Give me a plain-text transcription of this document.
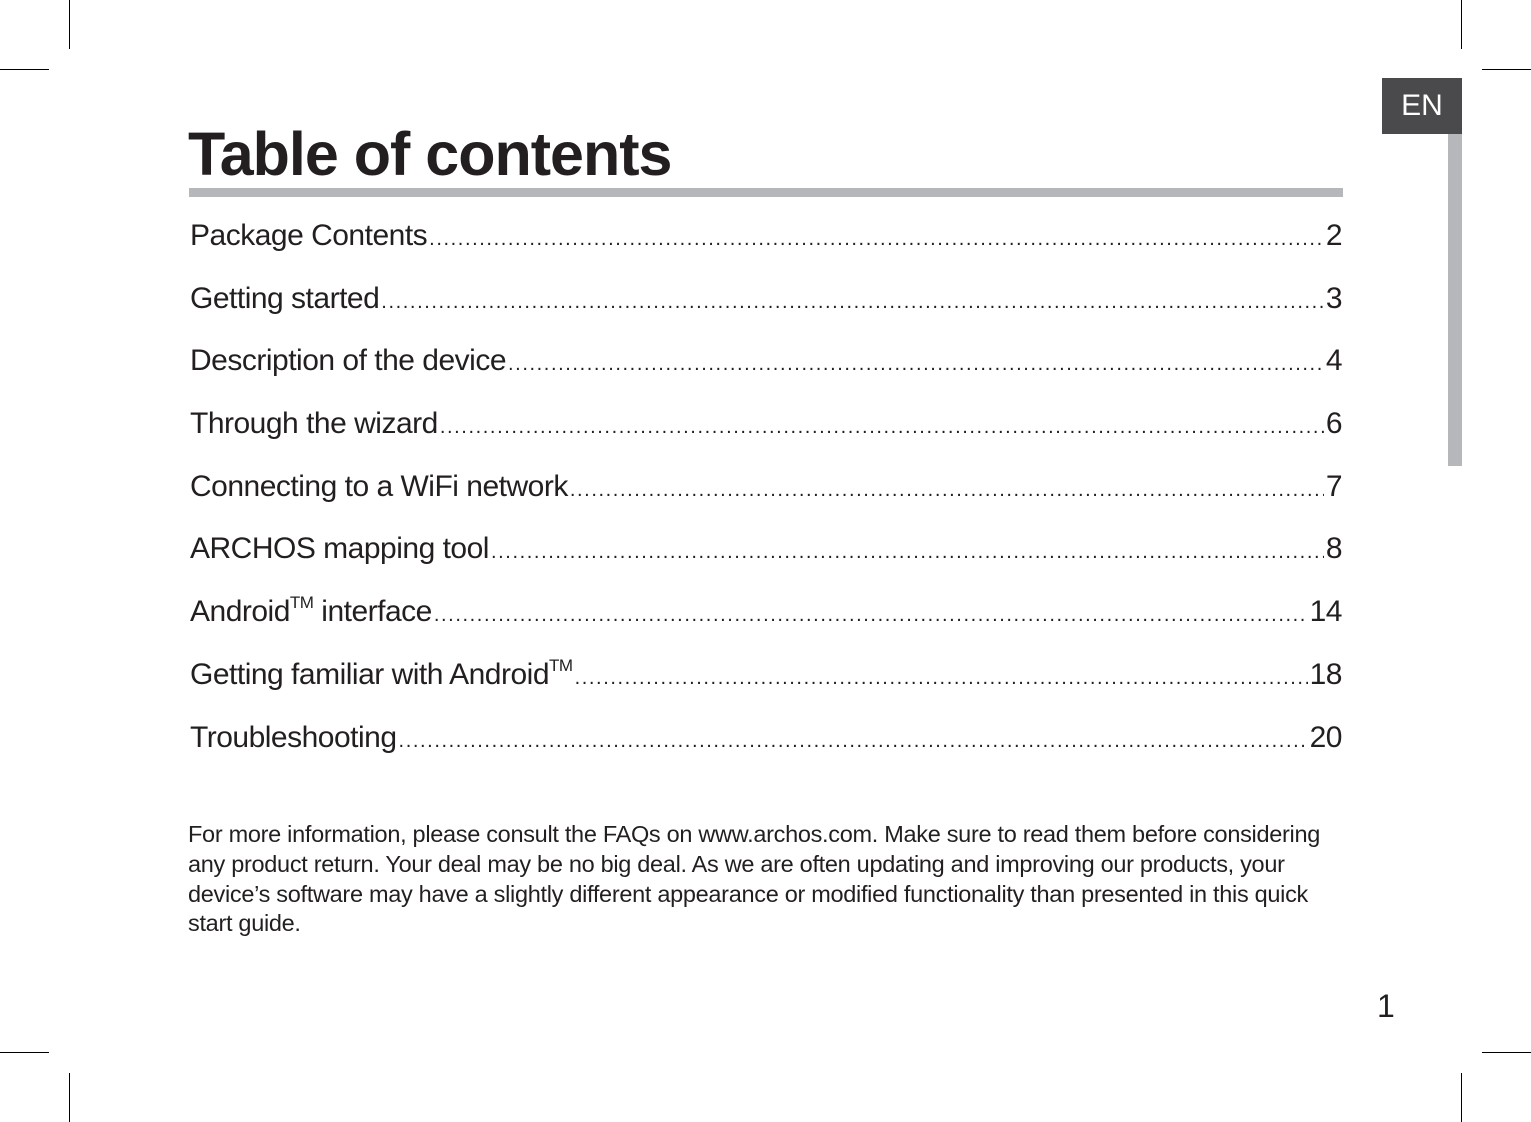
EN
Table of contents
Package Contents .....	2
Getting started .....	3
Description of the device .....	4
Through the wizard .....	6
Connecting to a WiFi network .....	7
ARCHOS mapping tool .....	8
Android™ interface .....	14
Getting familiar with Android™ .....	18
Troubleshooting .....	20

For more information, please consult the FAQs on www.archos.com. Make sure to read them before considering any product return. Your deal may be no big deal. As we are often updating and improving our products, your device’s software may have a slightly different appearance or modified functionality than presented in this quick start guide.

1
